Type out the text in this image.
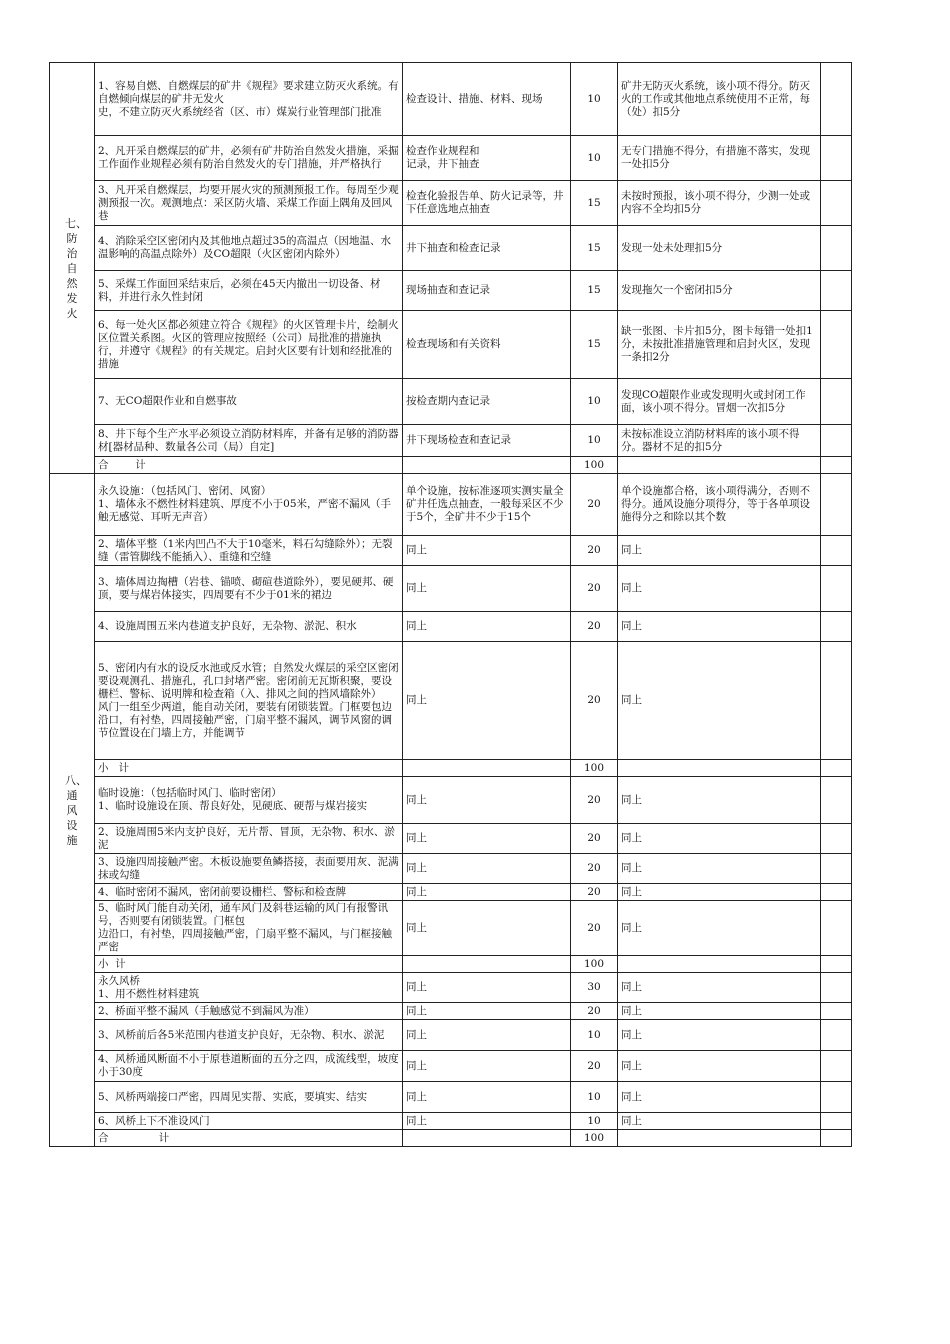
七、防治自然发火	1、容易自燃、自燃煤层的矿井《规程》要求建立防灭火系统。有自燃倾向煤层的矿井无发火
史，不建立防灭火系统经省（区、市）煤炭行业管理部门批准	检查设计、措施、材料、现场	10	矿井无防灭火系统，该小项不得分。防灭火的工作或其他地点系统使用不正常，每（处）扣5分	
	2、凡开采自燃煤层的矿井，必须有矿井防治自然发火措施，采掘工作面作业规程必须有防治自然发火的专门措施，并严格执行	检查作业规程和
记录，井下抽查	10	无专门措施不得分，有措施不落实，发现一处扣5分	
	3、凡开采自燃煤层，均要开展火灾的预测预报工作。每周至少观测预报一次。观测地点：采区防火墙、采煤工作面上隅角及回风巷	检查化验报告单、防火记录等，井下任意选地点抽查	15	未按时预报，该小项不得分，少测一处或内容不全均扣5分	
	4、消除采空区密闭内及其他地点超过35的高温点（因地温、水温影响的高温点除外）及CO超限（火区密闭内除外）	井下抽查和检查记录	15	发现一处未处理扣5分	
	5、采煤工作面回采结束后，必须在45天内撤出一切设备、材料，并进行永久性封闭	现场抽查和查记录	15	发现拖欠一个密闭扣5分	
	6、每一处火区都必须建立符合《规程》的火区管理卡片，绘制火区位置关系图。火区的管理应按照经（公司）局批准的措施执行，并遵守《规程》的有关规定。启封火区要有计划和经批准的措施	检查现场和有关资料	15	缺一张图、卡片扣5分，图卡每错一处扣1分，未按批准措施管理和启封火区，发现一条扣2分	
	7、无CO超限作业和自燃事故	按检查期内查记录	10	发现CO超限作业或发现明火或封闭工作面，该小项不得分。冒烟一次扣5分	
	8、井下每个生产水平必须设立消防材料库，并备有足够的消防器材[器材品种、数量各公司（局）自定]	井下现场检查和查记录	10	未按标准设立消防材料库的该小项不得分。器材不足的扣5分	
	合        计		100		
八、通风设施	永久设施：（包括风门、密闭、风窗）
1、墙体永不燃性材料建筑、厚度不小于05米，严密不漏风（手触无感觉、耳听无声音）	单个设施，按标准逐项实测实量全矿井任选点抽查，一般每采区不少于5个，全矿井不少于15个	20	单个设施都合格，该小项得满分，否则不得分。通风设施分项得分，等于各单项设施得分之和除以其个数	
	2、墙体平整（1米内凹凸不大于10毫米，料石勾缝除外）；无裂缝（雷管脚线不能插入）、重缝和空缝	同上	20	同上	
	3、墙体周边掏槽（岩巷、锚喷、砌碹巷道除外），要见硬邦、硬顶，要与煤岩体接实，四周要有不少于01米的裙边	同上	20	同上	
	4、设施周围五米内巷道支护良好，无杂物、淤泥、积水	同上	20	同上	
	5、密闭内有水的设反水池或反水管；自然发火煤层的采空区密闭要设观测孔、措施孔，孔口封堵严密。密闭前无瓦斯积聚，要设栅栏、警标、说明牌和检查箱（入、排风之间的挡风墙除外）
风门一组至少两道，能自动关闭，要装有闭锁装置。门框要包边沿口，有衬垫，四周接触严密，门扇平整不漏风，调节风窗的调节位置设在门墙上方，并能调节	同上	20	同上	
	小   计		100		
	临时设施：（包括临时风门、临时密闭）
1、临时设施设在顶、帮良好处，见硬底、硬帮与煤岩接实	同上	20	同上	
	2、设施周围5米内支护良好，无片帮、冒顶，无杂物、积水、淤泥	同上	20	同上	
	3、设施四周接触严密。木板设施要鱼鳞搭接，表面要用灰、泥满抹或勾缝	同上	20	同上	
	4、临时密闭不漏风，密闭前要设栅栏、警标和检查牌	同上	20	同上	
	5、临时风门能自动关闭，通车风门及斜巷运输的风门有报警讯号，否则要有闭锁装置。门框包
边沿口，有衬垫，四周接触严密，门扇平整不漏风，与门框接触严密	同上	20	同上	
	小  计		100		
	永久风桥
1、用不燃性材料建筑	同上	30	同上	
	2、桥面平整不漏风（手触感觉不到漏风为准）	同上	20	同上	
	3、风桥前后各5米范围内巷道支护良好，无杂物、积水、淤泥	同上	10	同上	
	4、风桥通风断面不小于原巷道断面的五分之四，成流线型，坡度小于30度	同上	20	同上	
	5、风桥两端接口严密，四周见实帮、实底，要填实、结实	同上	10	同上	
	6、风桥上下不准设风门	同上	10	同上	
	合               计		100		
